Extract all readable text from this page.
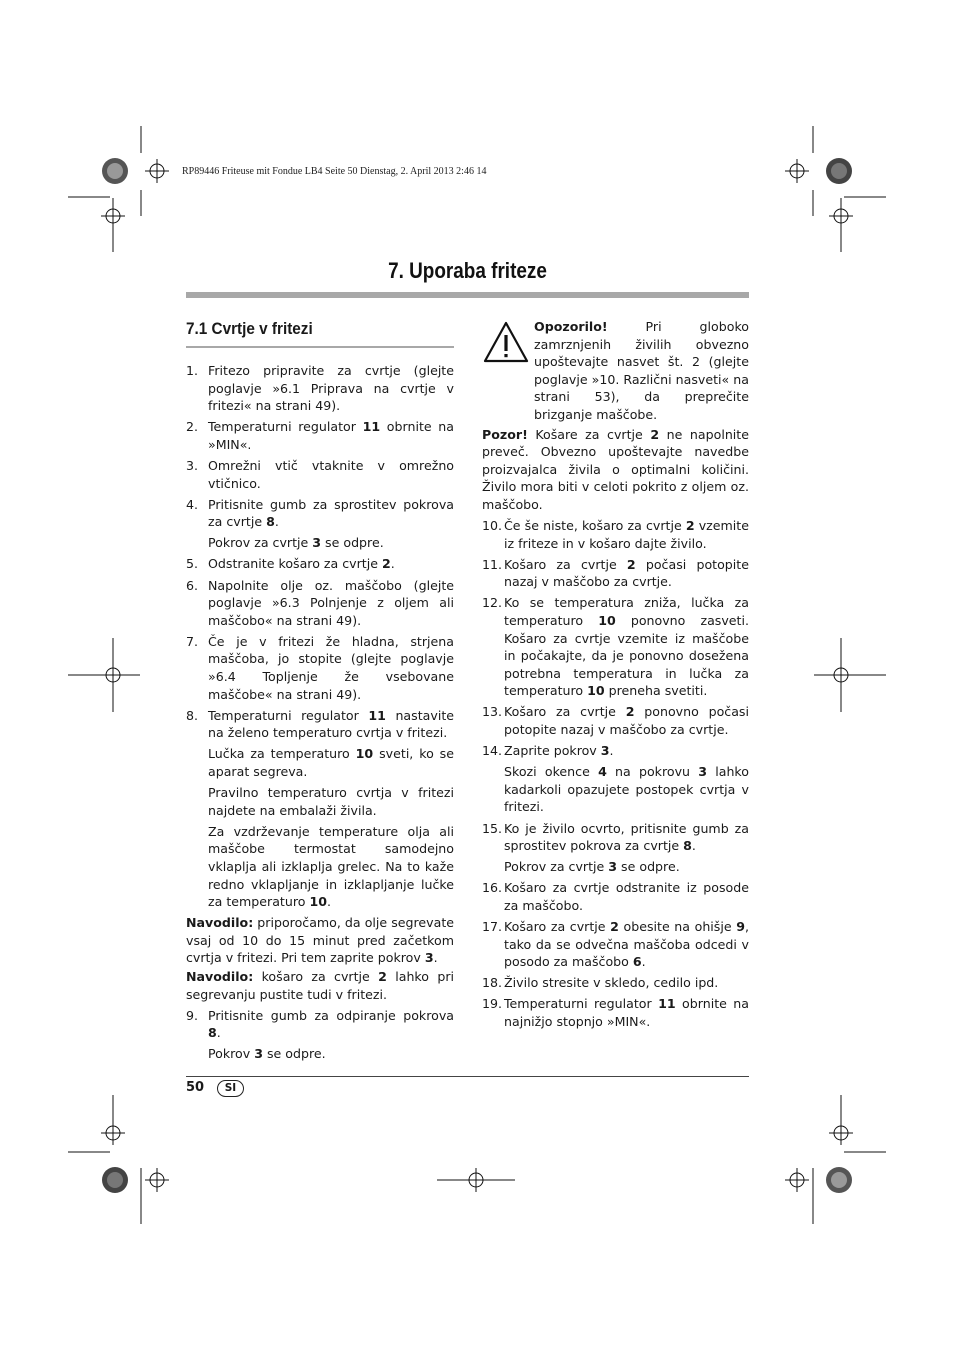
RP89446 Friteuse mit Fondue LB4 Seite 50 Dienstag, 2. April 2013 2:46 14
7. Uporaba friteze
7.1 Cvrtje v fritezi
1. Fritezo pripravite za cvrtje (glejte poglavje »6.1 Priprava na cvrtje v fritezi« na strani 49).
2. Temperaturni regulator 11 obrnite na »MIN«.
3. Omrežni vtič vtaknite v omrežno vtičnico.
4. Pritisnite gumb za sprostitev pokrova za cvrtje 8.
Pokrov za cvrtje 3 se odpre.
5. Odstranite košaro za cvrtje 2.
6. Napolnite olje oz. maščobo (glejte poglavje »6.3 Polnjenje z oljem ali maščobo« na strani 49).
7. Če je v fritezi že hladna, strjena maščoba, jo stopite (glejte poglavje »6.4 Topljenje že vsebovane maščobe« na strani 49).
8. Temperaturni regulator 11 nastavite na želeno temperaturo cvrtja v fritezi.
Lučka za temperaturo 10 sveti, ko se aparat segreva.
Pravilno temperaturo cvrtja v fritezi najdete na embalaži živila.
Za vzdrževanje temperature olja ali maščobe termostat samodejno vklaplja ali izklaplja grelec. Na to kaže redno vklapljanje in izklapljanje lučke za temperaturo 10.
Navodilo: priporočamo, da olje segrevate vsaj od 10 do 15 minut pred začetkom cvrtja v fritezi. Pri tem zaprite pokrov 3.
Navodilo: košaro za cvrtje 2 lahko pri segrevanju pustite tudi v fritezi.
9. Pritisnite gumb za odpiranje pokrova 8.
Pokrov 3 se odpre.
Opozorilo! Pri globoko zamrznjenih živilih obvezno upoštevajte nasvet št. 2 (glejte poglavje »10. Različni nasveti« na strani 53), da preprečite brizganje maščobe.
Pozor! Košare za cvrtje 2 ne napolnite preveč. Obvezno upoštevajte navedbe proizvajalca živila o optimalni količini. Živilo mora biti v celoti pokrito z oljem oz. maščobo.
10. Če še niste, košaro za cvrtje 2 vzemite iz friteze in v košaro dajte živilo.
11. Košaro za cvrtje 2 počasi potopite nazaj v maščobo za cvrtje.
12. Ko se temperatura zniža, lučka za temperaturo 10 ponovno zasveti. Košaro za cvrtje vzemite iz maščobe in počakajte, da je ponovno dosežena potrebna temperatura in lučka za temperaturo 10 preneha svetiti.
13. Košaro za cvrtje 2 ponovno počasi potopite nazaj v maščobo za cvrtje.
14. Zaprite pokrov 3.
Skozi okence 4 na pokrovu 3 lahko kadarkoli opazujete postopek cvrtja v fritezi.
15. Ko je živilo ocvrto, pritisnite gumb za sprostitev pokrova za cvrtje 8.
Pokrov za cvrtje 3 se odpre.
16. Košaro za cvrtje odstranite iz posode za maščobo.
17. Košaro za cvrtje 2 obesite na ohišje 9, tako da se odvečna maščoba odcedi v posodo za maščobo 6.
18. Živilo stresite v skledo, cedilo ipd.
19. Temperaturni regulator 11 obrnite na najnižjo stopnjo »MIN«.
50	SI
